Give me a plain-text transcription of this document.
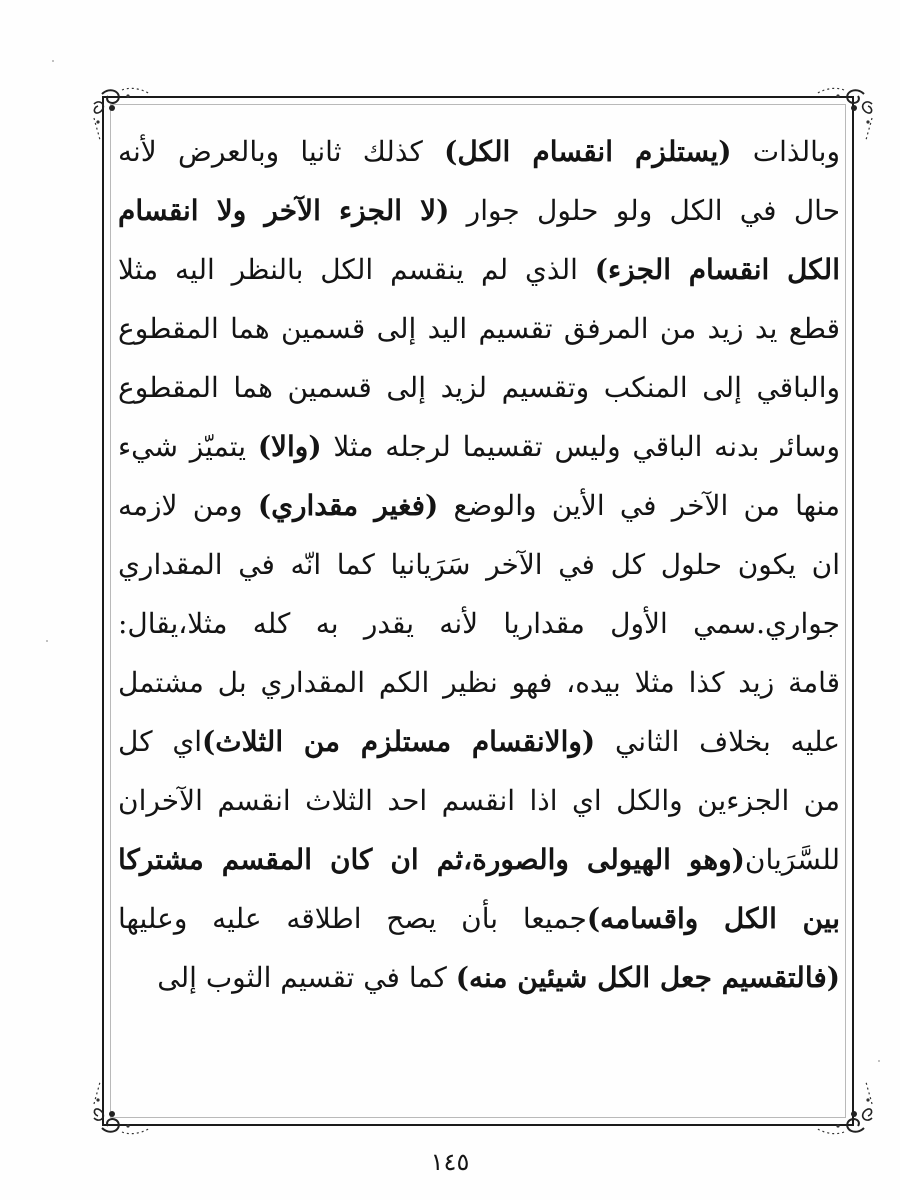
وبالذات (يستلزم انقسام الكل) كذلك ثانيا وبالعرض لأنه
حال في الكل ولو حلول جوار (لا الجزء الآخر ولا انقسام
الكل انقسام الجزء) الذي لم ينقسم الكل بالنظر اليه مثلا
قطع يد زيد من المرفق تقسيم اليد إلى قسمين هما المقطوع
والباقي إلى المنكب وتقسيم لزيد إلى قسمين هما المقطوع
وسائر بدنه الباقي وليس تقسيما لرجله مثلا (والا) يتميّز شيء
منها من الآخر في الأين والوضع (فغير مقداري) ومن لازمه
ان يكون حلول كل في الآخر سَرَيانيا كما انّه في المقداري
جواري.سمي الأول مقداريا لأنه يقدر به كله مثلا،يقال:
قامة زيد كذا مثلا بيده، فهو نظير الكم المقداري بل مشتمل
عليه بخلاف الثاني (والانقسام مستلزم من الثلاث)اي كل
من الجزءين والكل اي اذا انقسم احد الثلاث انقسم الآخران
للسَّرَيان(وهو الهيولى والصورة،ثم ان كان المقسم مشتركا
بين الكل واقسامه)جميعا بأن يصح اطلاقه عليه وعليها
(فالتقسيم جعل الكل شيئين منه) كما في تقسيم الثوب إلى
١٤٥
